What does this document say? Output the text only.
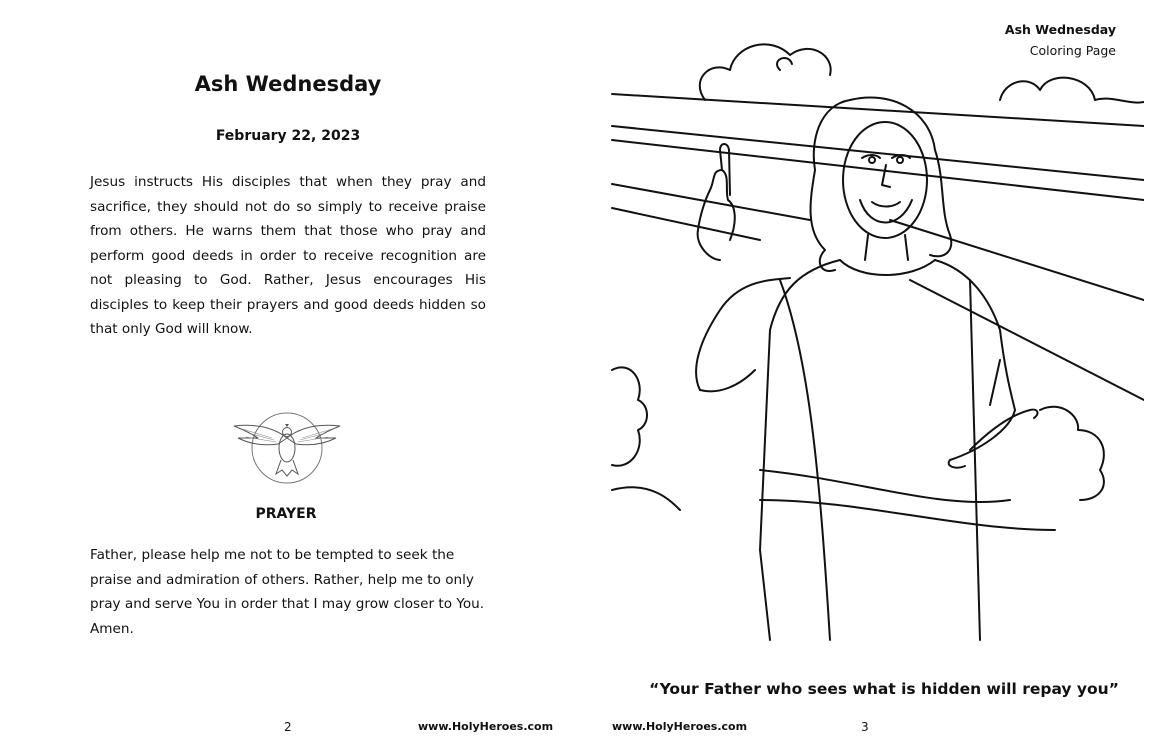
Ash Wednesday
February 22, 2023
Jesus instructs His disciples that when they pray and sacrifice, they should not do so simply to receive praise from others. He warns them that those who pray and perform good deeds in order to receive recognition are not pleasing to God. Rather, Jesus encourages His disciples to keep their prayers and good deeds hidden so that only God will know.
PRAYER
Father, please help me not to be tempted to seek the praise and admiration of others. Rather, help me to only pray and serve You in order that I may grow closer to You. Amen.
2	www.HolyHeroes.com
Ash Wednesday
Coloring Page
“Your Father who sees what is hidden will repay you”
www.HolyHeroes.com	3
